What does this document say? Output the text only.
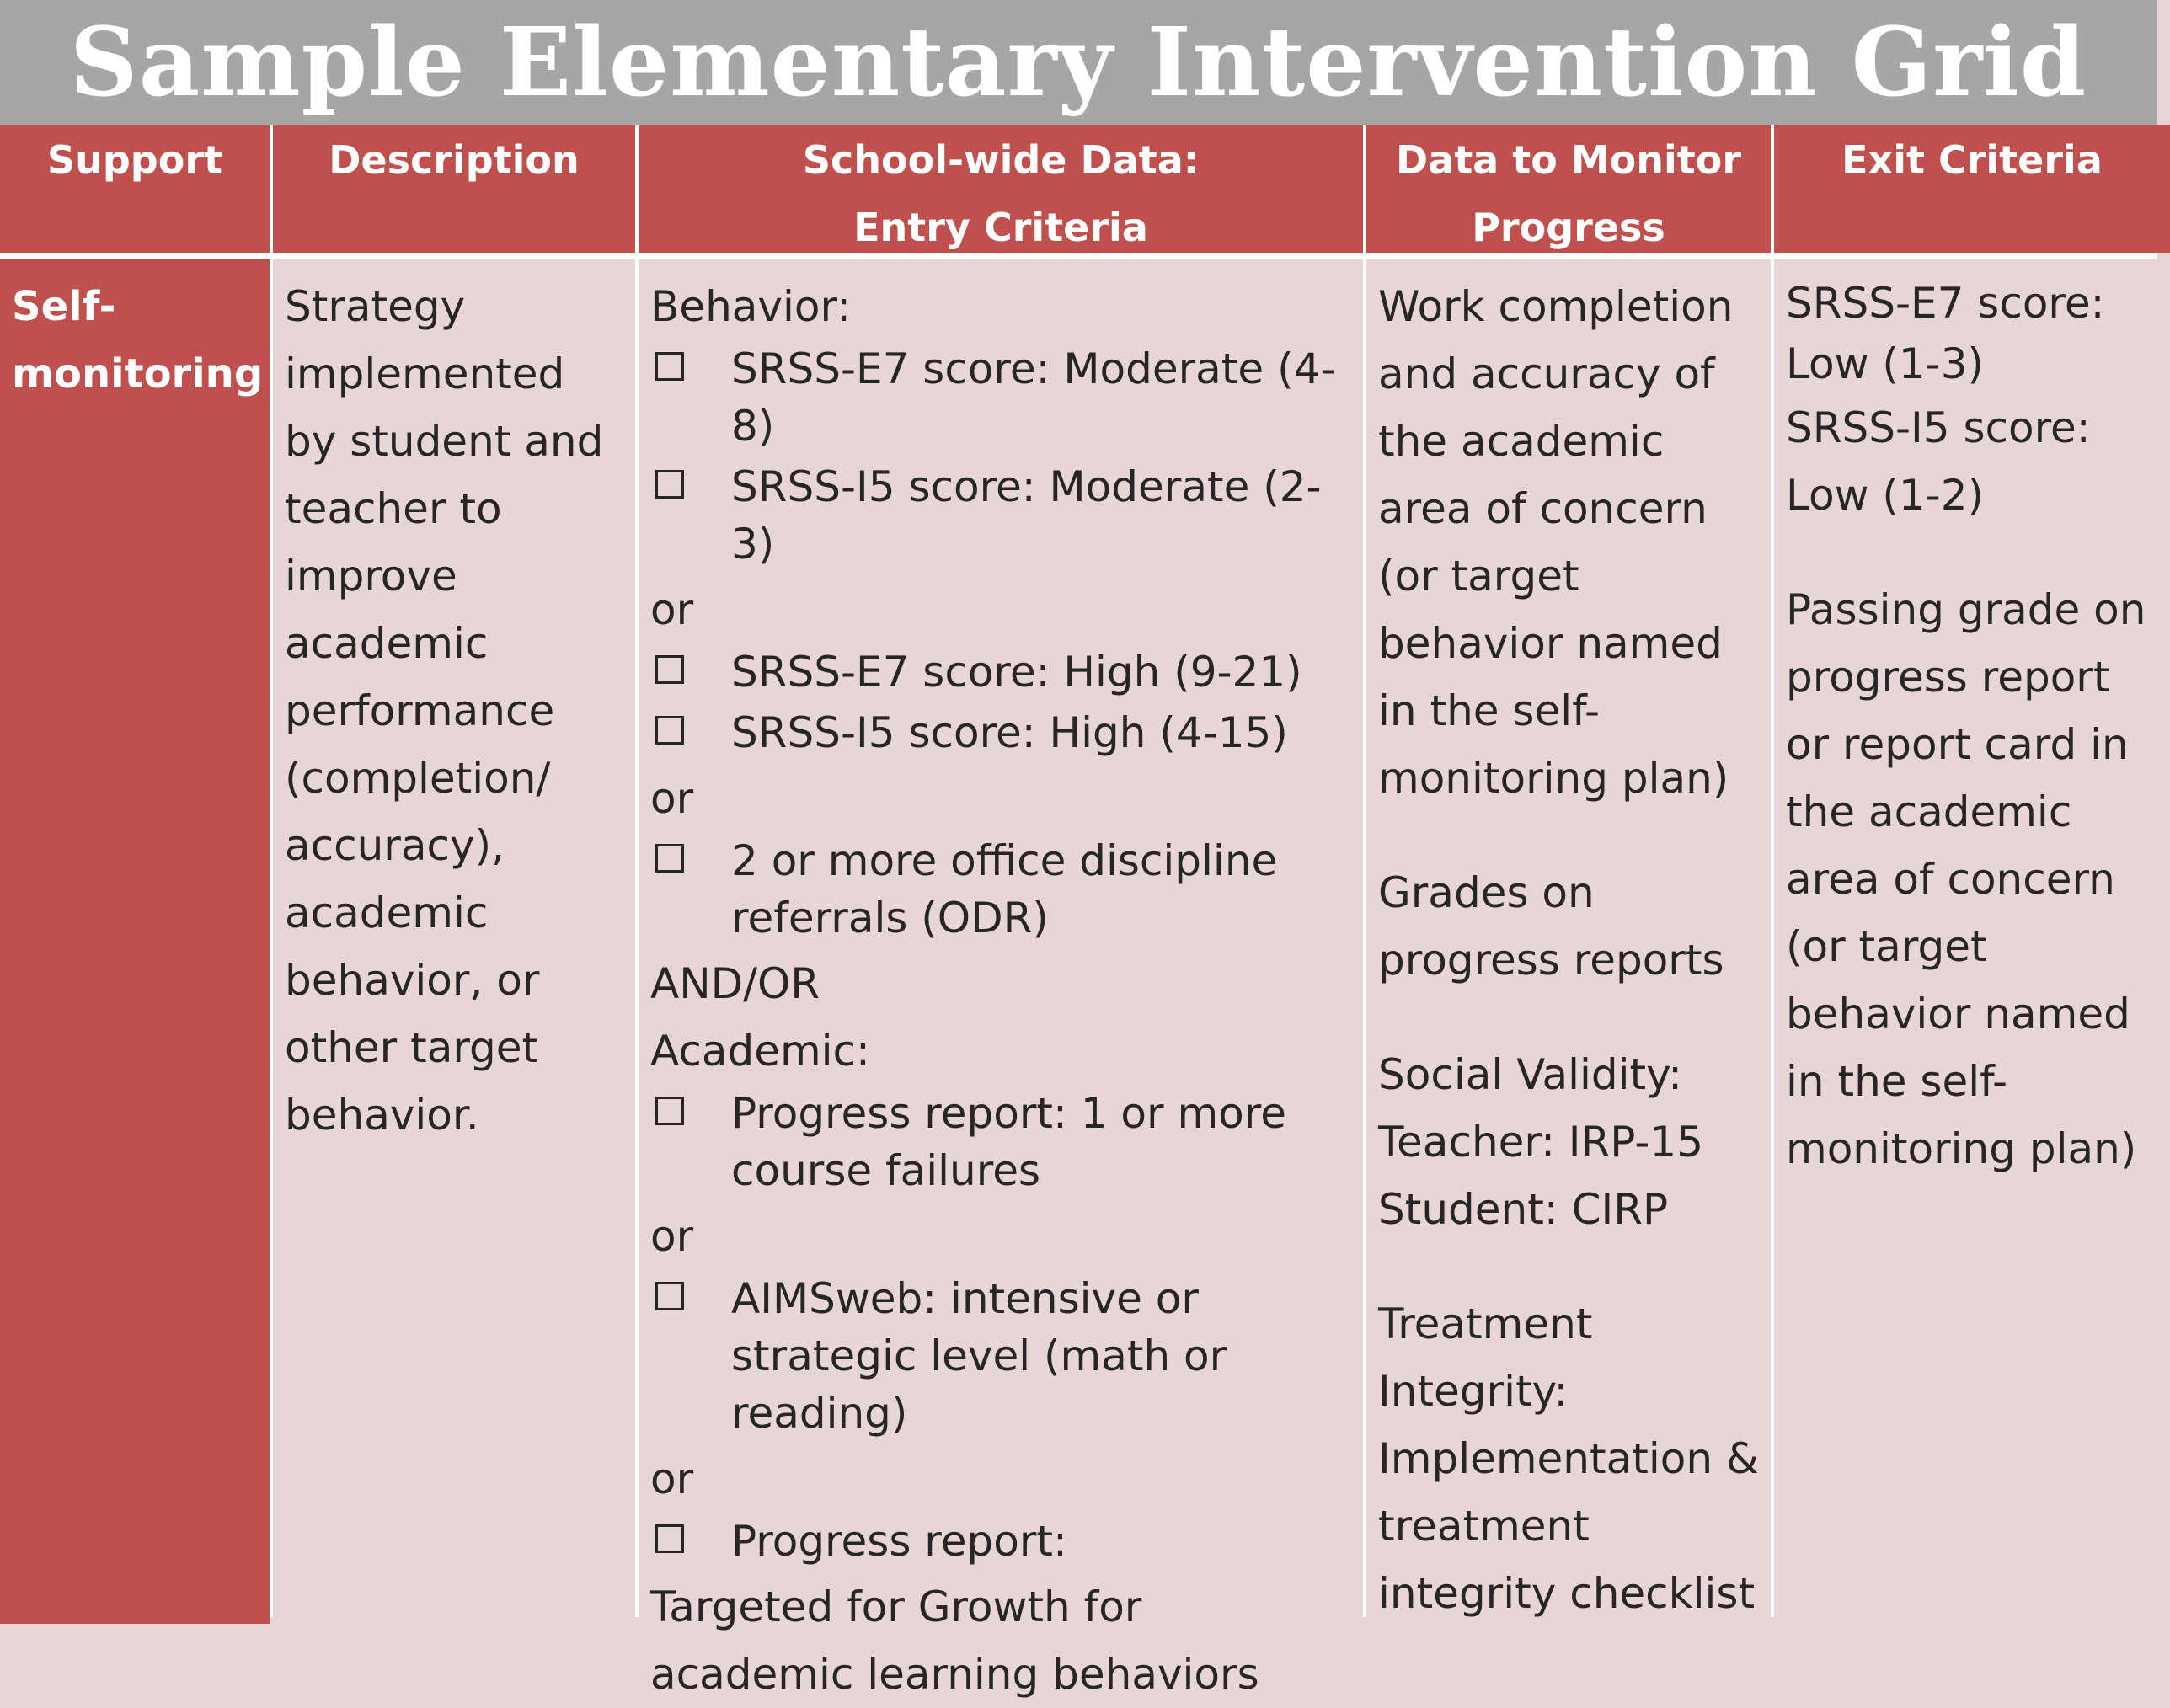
Sample Elementary Intervention Grid
Support	Description	School-wide Data:
Entry Criteria
Data to Monitor
Progress
Exit Criteria
Self-
monitoring

Strategy implemented by student and teacher to improve academic performance (completion/ accuracy), academic behavior, or other target behavior.

Behavior:
SRSS-E7 score: Moderate (4-8)
SRSS-I5 score: Moderate (2-3)
or
SRSS-E7 score: High (9-21)
SRSS-I5 score: High (4-15)
or
2 or more office discipline referrals (ODR)
AND/OR
Academic:
Progress report: 1 or more course failures
or
AIMSweb: intensive or strategic level (math or reading)
or
Progress report:
Targeted for Growth for academic learning behaviors

Work completion and accuracy of the academic area of concern (or target behavior named in the self-monitoring plan)

Grades on progress reports

Social Validity:
Teacher: IRP-15
Student: CIRP

Treatment Integrity: Implementation & treatment integrity checklist

SRSS-E7 score: Low (1-3)

SRSS-I5 score: Low (1-2)

Passing grade on progress report or report card in the academic area of concern (or target behavior named in the self-monitoring plan)
